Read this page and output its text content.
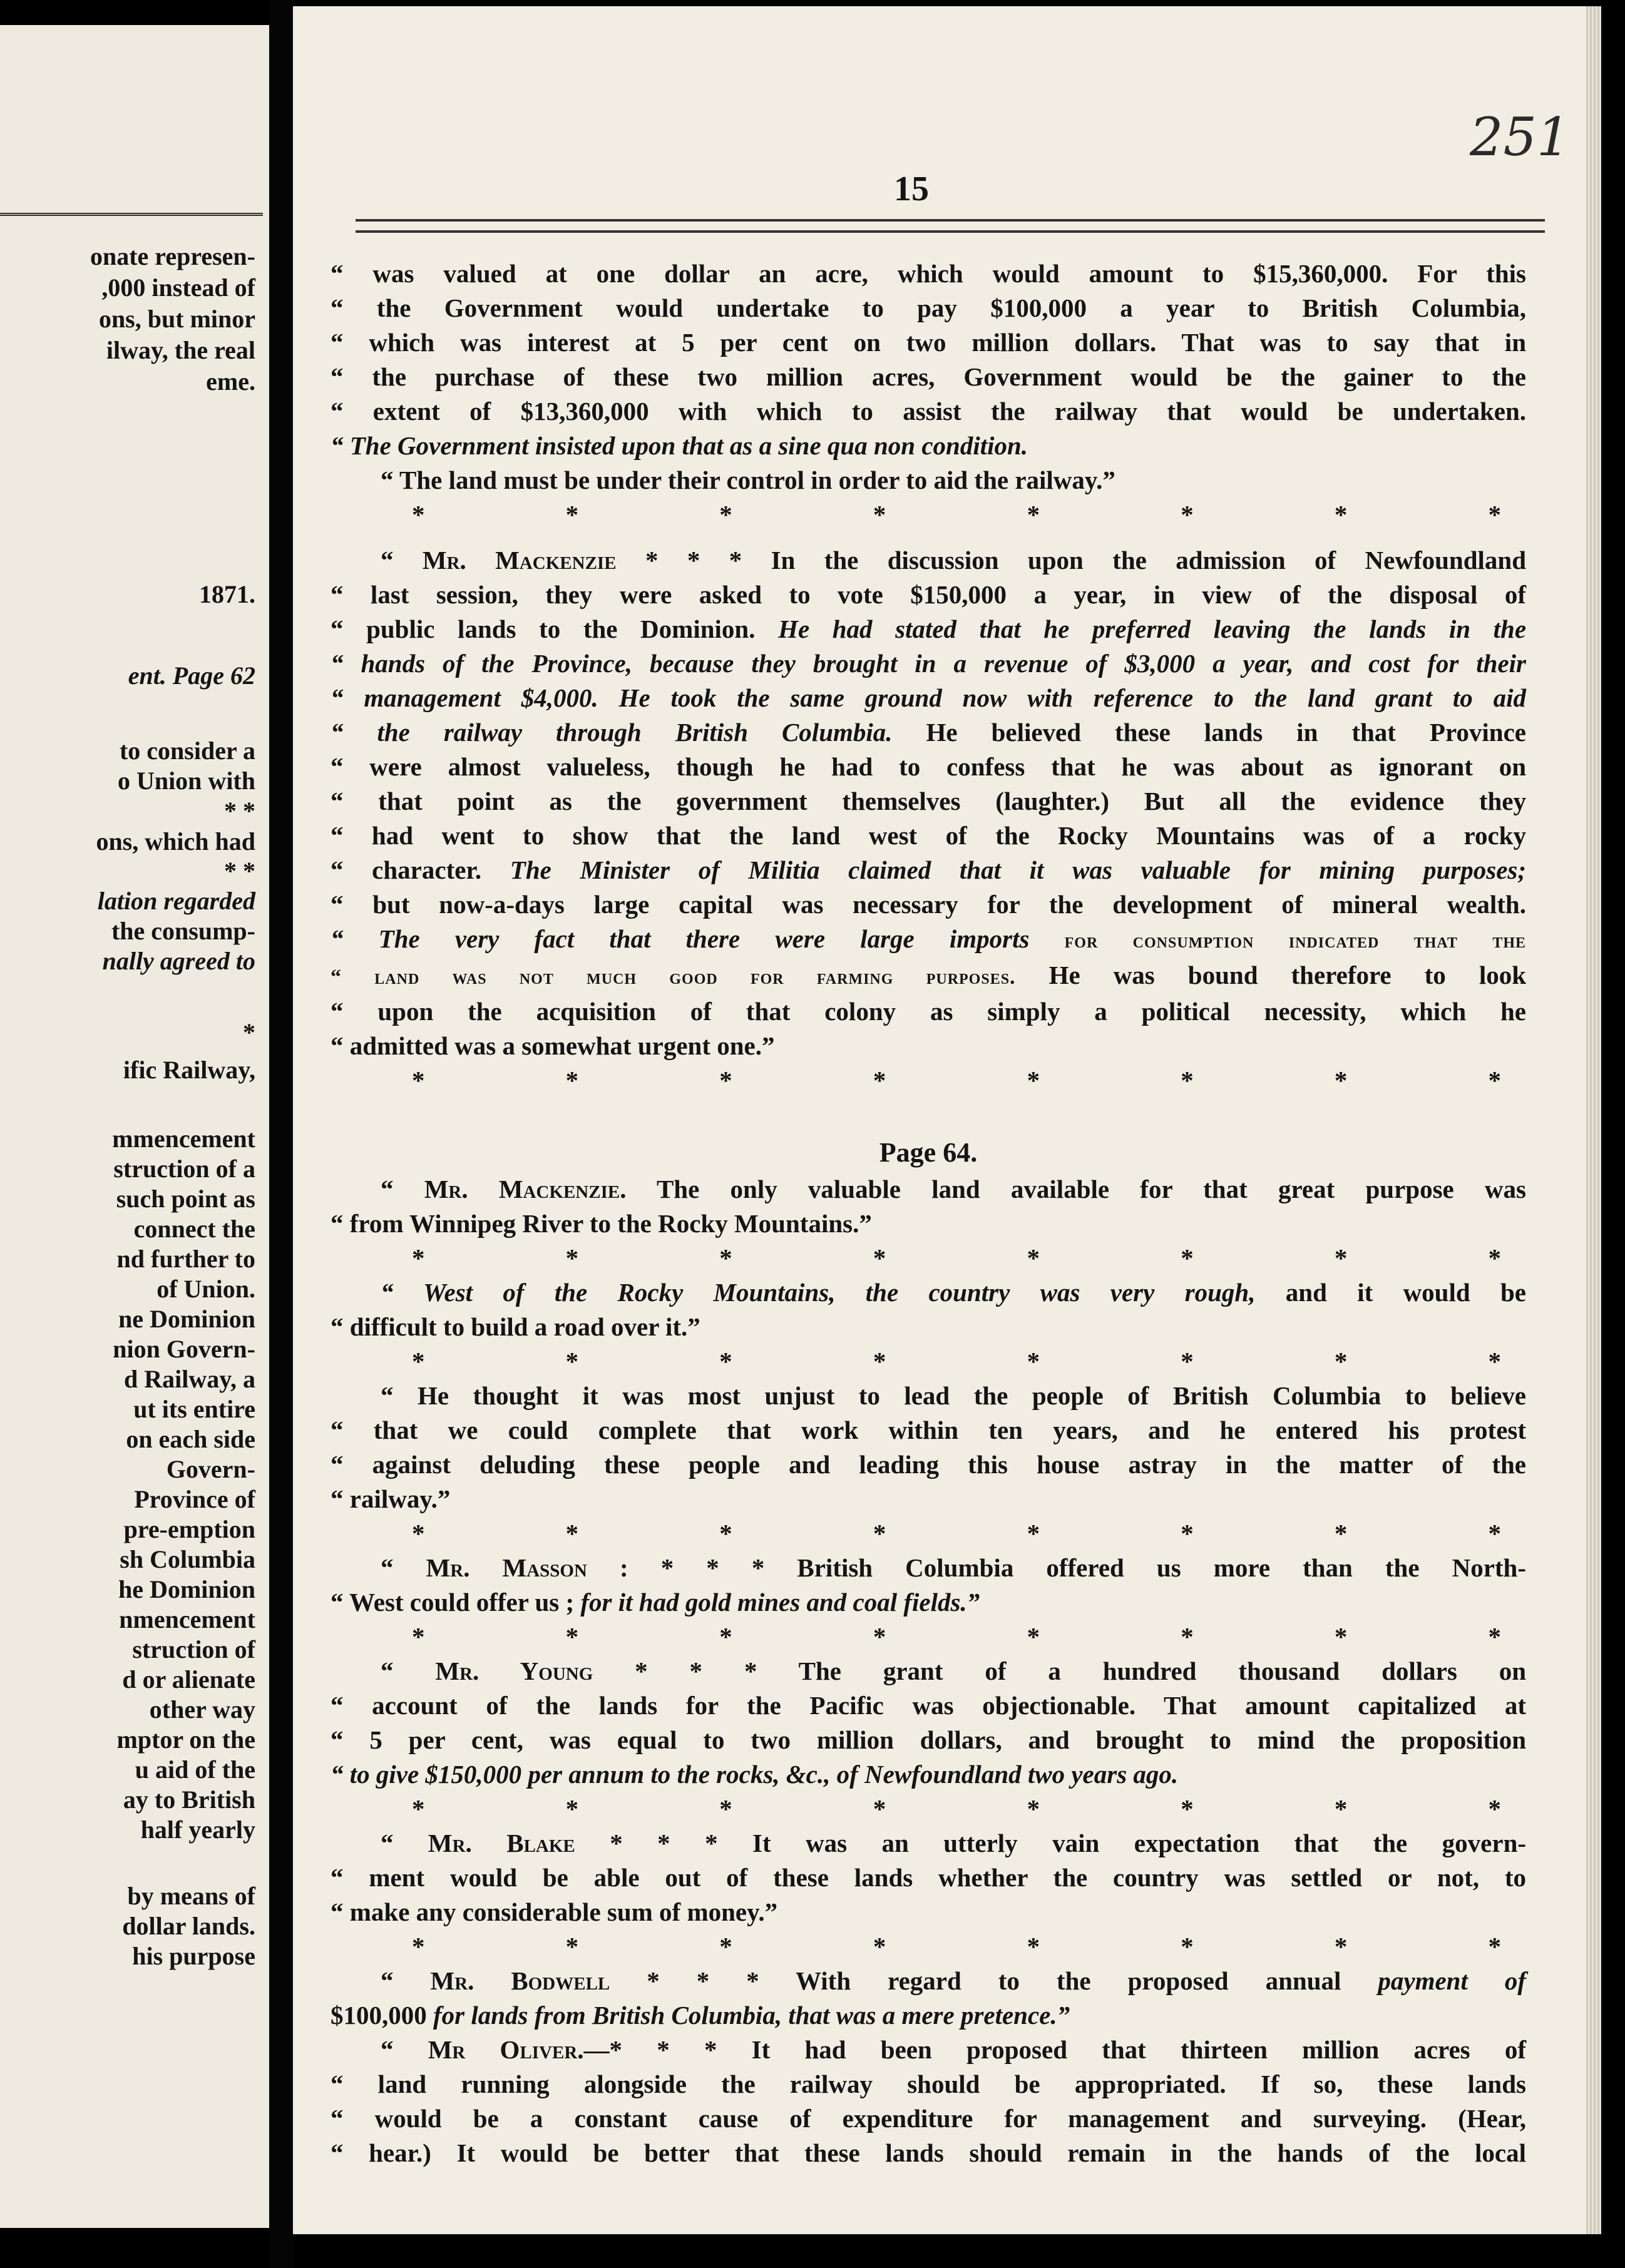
onate represen-
,000 instead of
ons, but minor
ilway, the real
eme.
1871.
ent. Page 62
to consider a
o Union with
* *
ons, which had
* *
lation regarded
the consump-
nally agreed to
*
ific Railway,
mmencement
struction of a
such point as
connect the
nd further to
of Union.
ne Dominion
nion Govern-
d Railway, a
ut its entire
on each side
Govern-
Province of
pre-emption
sh Columbia
he Dominion
nmencement
struction of
d or alienate
other way
mptor on the
u aid of the
ay to British
half yearly
by means of
dollar lands.
his purpose
251
15
“ was valued at one dollar an acre, which would amount to $15,360,000. For this
“ the Government would undertake to pay $100,000 a year to British Columbia,
“ which was interest at 5 per cent on two million dollars. That was to say that in
“ the purchase of these two million acres, Government would be the gainer to the
“ extent of $13,360,000 with which to assist the railway that would be undertaken.
“ The Government insisted upon that as a sine qua non condition.
“ The land must be under their control in order to aid the railway.”
*	*	*	*	*	*	*	*
“ Mr. Mackenzie * * * In the discussion upon the admission of Newfoundland
“ last session, they were asked to vote $150,000 a year, in view of the disposal of
“ public lands to the Dominion. He had stated that he preferred leaving the lands in the
“ hands of the Province, because they brought in a revenue of $3,000 a year, and cost for their
“ management $4,000. He took the same ground now with reference to the land grant to aid
“ the railway through British Columbia. He believed these lands in that Province
“ were almost valueless, though he had to confess that he was about as ignorant on
“ that point as the government themselves (laughter.) But all the evidence they
“ had went to show that the land west of the Rocky Mountains was of a rocky
“ character. The Minister of Militia claimed that it was valuable for mining purposes;
“ but now-a-days large capital was necessary for the development of mineral wealth.
“ The very fact that there were large imports for consumption indicated that the
“ land was not much good for farming purposes. He was bound therefore to look
“ upon the acquisition of that colony as simply a political necessity, which he
“ admitted was a somewhat urgent one.”
*	*	*	*	*	*	*	*
Page 64.
“ Mr. Mackenzie. The only valuable land available for that great purpose was
“ from Winnipeg River to the Rocky Mountains.”
*	*	*	*	*	*	*	*
“ West of the Rocky Mountains, the country was very rough, and it would be
“ difficult to build a road over it.”
*	*	*	*	*	*	*	*
“ He thought it was most unjust to lead the people of British Columbia to believe
“ that we could complete that work within ten years, and he entered his protest
“ against deluding these people and leading this house astray in the matter of the
“ railway.”
*	*	*	*	*	*	*	*
“ Mr. Masson : * * * British Columbia offered us more than the North-
“ West could offer us ; for it had gold mines and coal fields.”
*	*	*	*	*	*	*	*
“ Mr. Young * * * The grant of a hundred thousand dollars on
“ account of the lands for the Pacific was objectionable. That amount capitalized at
“ 5 per cent, was equal to two million dollars, and brought to mind the proposition
“ to give $150,000 per annum to the rocks, &c., of Newfoundland two years ago.
*	*	*	*	*	*	*	*
“ Mr. Blake * * * It was an utterly vain expectation that the govern-
“ ment would be able out of these lands whether the country was settled or not, to
“ make any considerable sum of money.”
*	*	*	*	*	*	*	*
“ Mr. Bodwell * * * With regard to the proposed annual payment of
$100,000 for lands from British Columbia, that was a mere pretence.”
“ Mr Oliver.—* * * It had been proposed that thirteen million acres of
“ land running alongside the railway should be appropriated. If so, these lands
“ would be a constant cause of expenditure for management and surveying. (Hear,
“ hear.) It would be better that these lands should remain in the hands of the local
